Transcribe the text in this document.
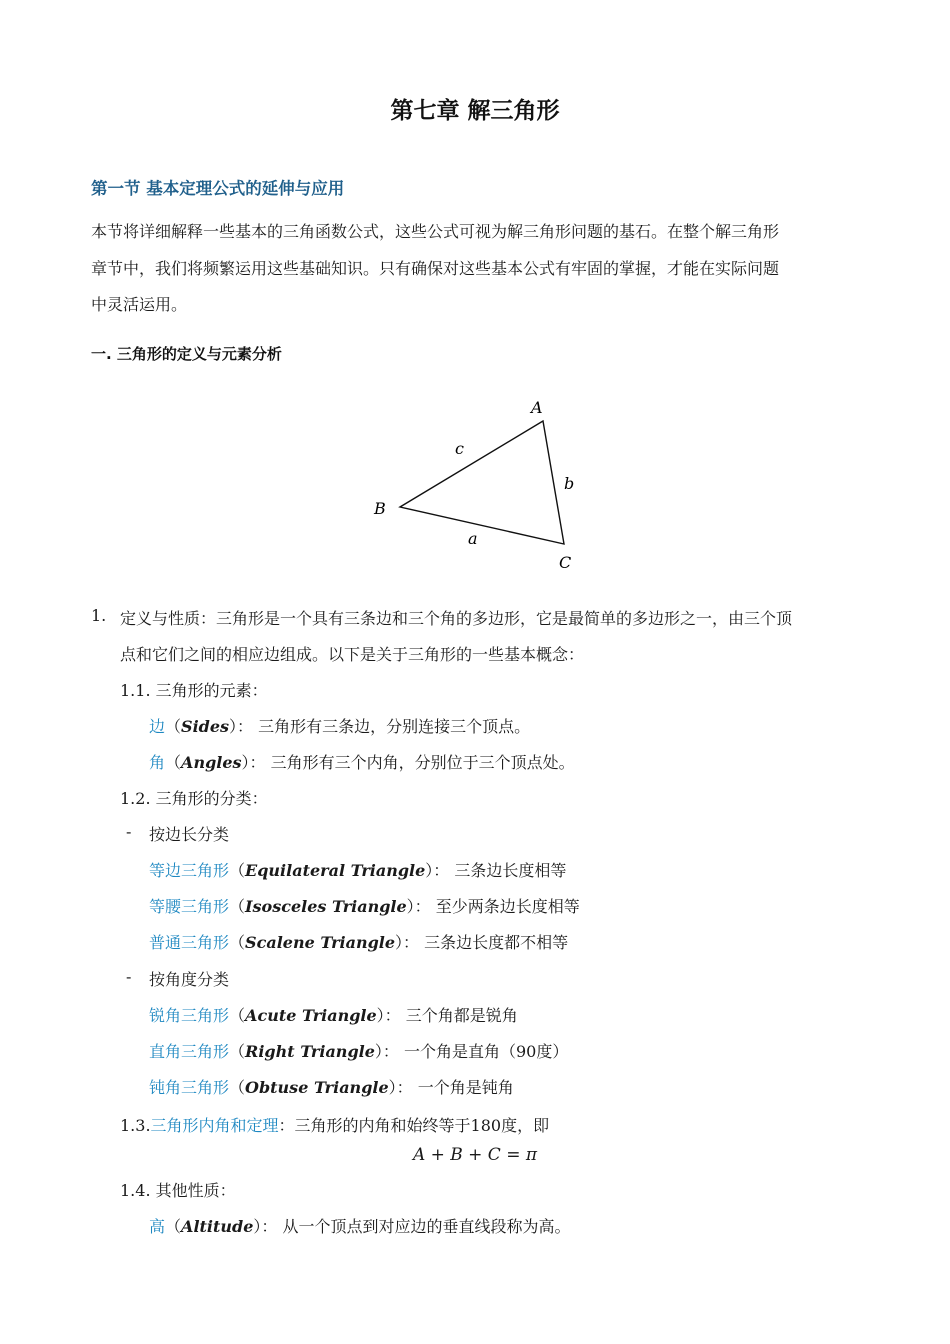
第七章 解三角形
第一节 基本定理公式的延伸与应用
本节将详细解释一些基本的三角函数公式，这些公式可视为解三角形问题的基石。在整个解三角形
章节中，我们将频繁运用这些基础知识。只有确保对这些基本公式有牢固的掌握，才能在实际问题
中灵活运用。
一. 三角形的定义与元素分析
A
B
C
c
b
a
1. 定义与性质：三角形是一个具有三条边和三个角的多边形，它是最简单的多边形之一，由三个顶
点和它们之间的相应边组成。以下是关于三角形的一些基本概念：
1.1. 三角形的元素：
边（Sides）： 三角形有三条边，分别连接三个顶点。
角（Angles）： 三角形有三个内角，分别位于三个顶点处。
1.2. 三角形的分类：
- 按边长分类
等边三角形（Equilateral Triangle）： 三条边长度相等
等腰三角形（Isosceles Triangle）： 至少两条边长度相等
普通三角形（Scalene Triangle）： 三条边长度都不相等
- 按角度分类
锐角三角形（Acute Triangle）： 三个角都是锐角
直角三角形（Right Triangle）： 一个角是直角（90度）
钝角三角形（Obtuse Triangle）： 一个角是钝角
1.3.三角形内角和定理：三角形的内角和始终等于180度，即
A + B + C = π
1.4. 其他性质：
高（Altitude）： 从一个顶点到对应边的垂直线段称为高。
